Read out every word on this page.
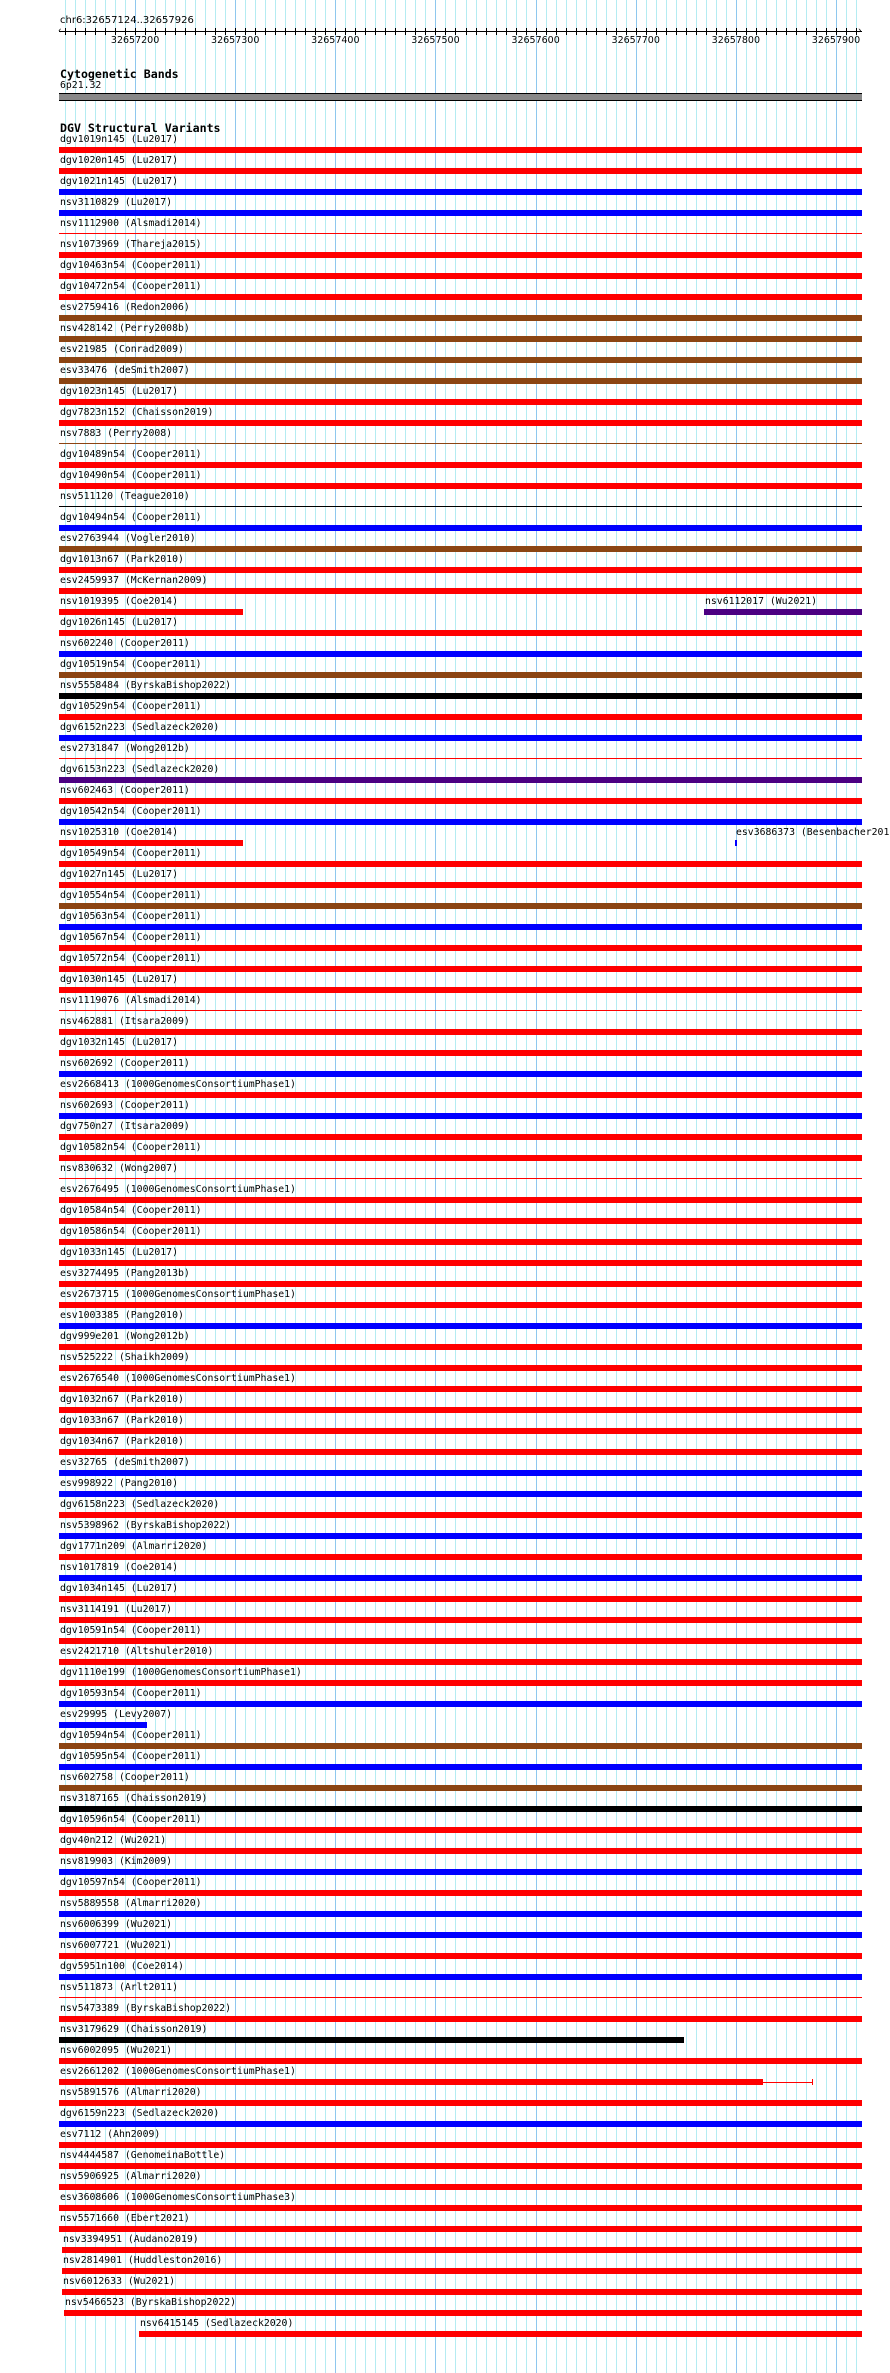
chr6:32657124..32657926
‹	›
32657200	32657300	32657400	32657500	32657600	32657700	32657800	32657900
Cytogenetic Bands
6p21.32
DGV Structural Variants
dgv1019n145 (Lu2017)
dgv1020n145 (Lu2017)
dgv1021n145 (Lu2017)
nsv3110829 (Lu2017)
nsv1112900 (Alsmadi2014)
nsv1073969 (Thareja2015)
dgv10463n54 (Cooper2011)
dgv10472n54 (Cooper2011)
esv2759416 (Redon2006)
nsv428142 (Perry2008b)
esv21985 (Conrad2009)
esv33476 (deSmith2007)
dgv1023n145 (Lu2017)
dgv7823n152 (Chaisson2019)
nsv7883 (Perry2008)
dgv10489n54 (Cooper2011)
dgv10490n54 (Cooper2011)
nsv511120 (Teague2010)
dgv10494n54 (Cooper2011)
esv2763944 (Vogler2010)
dgv1013n67 (Park2010)
esv2459937 (McKernan2009)
nsv1019395 (Coe2014)	nsv6112017 (Wu2021)
dgv1026n145 (Lu2017)
nsv602240 (Cooper2011)
dgv10519n54 (Cooper2011)
nsv5558484 (ByrskaBishop2022)
dgv10529n54 (Cooper2011)
dgv6152n223 (Sedlazeck2020)
esv2731847 (Wong2012b)
dgv6153n223 (Sedlazeck2020)
nsv602463 (Cooper2011)
dgv10542n54 (Cooper2011)
nsv1025310 (Coe2014)	esv3686373 (Besenbacher201
dgv10549n54 (Cooper2011)
dgv1027n145 (Lu2017)
dgv10554n54 (Cooper2011)
dgv10563n54 (Cooper2011)
dgv10567n54 (Cooper2011)
dgv10572n54 (Cooper2011)
dgv1030n145 (Lu2017)
nsv1119076 (Alsmadi2014)
nsv462881 (Itsara2009)
dgv1032n145 (Lu2017)
nsv602692 (Cooper2011)
esv2668413 (1000GenomesConsortiumPhase1)
nsv602693 (Cooper2011)
dgv750n27 (Itsara2009)
dgv10582n54 (Cooper2011)
nsv830632 (Wong2007)
esv2676495 (1000GenomesConsortiumPhase1)
dgv10584n54 (Cooper2011)
dgv10586n54 (Cooper2011)
dgv1033n145 (Lu2017)
esv3274495 (Pang2013b)
esv2673715 (1000GenomesConsortiumPhase1)
esv1003385 (Pang2010)
dgv999e201 (Wong2012b)
nsv525222 (Shaikh2009)
esv2676540 (1000GenomesConsortiumPhase1)
dgv1032n67 (Park2010)
dgv1033n67 (Park2010)
dgv1034n67 (Park2010)
esv32765 (deSmith2007)
esv998922 (Pang2010)
dgv6158n223 (Sedlazeck2020)
nsv5398962 (ByrskaBishop2022)
dgv1771n209 (Almarri2020)
nsv1017819 (Coe2014)
dgv1034n145 (Lu2017)
nsv3114191 (Lu2017)
dgv10591n54 (Cooper2011)
esv2421710 (Altshuler2010)
dgv1110e199 (1000GenomesConsortiumPhase1)
dgv10593n54 (Cooper2011)
esv29995 (Levy2007)
dgv10594n54 (Cooper2011)
dgv10595n54 (Cooper2011)
nsv602758 (Cooper2011)
nsv3187165 (Chaisson2019)
dgv10596n54 (Cooper2011)
dgv40n212 (Wu2021)
nsv819903 (Kim2009)
dgv10597n54 (Cooper2011)
nsv5889558 (Almarri2020)
nsv6006399 (Wu2021)
nsv6007721 (Wu2021)
dgv5951n100 (Coe2014)
nsv511873 (Arlt2011)
nsv5473389 (ByrskaBishop2022)
nsv3179629 (Chaisson2019)
nsv6002095 (Wu2021)
esv2661202 (1000GenomesConsortiumPhase1)
nsv5891576 (Almarri2020)
dgv6159n223 (Sedlazeck2020)
esv7112 (Ahn2009)
nsv4444587 (GenomeinaBottle)
nsv5906925 (Almarri2020)
esv3608606 (1000GenomesConsortiumPhase3)
nsv5571660 (Ebert2021)
nsv3394951 (Audano2019)
nsv2814901 (Huddleston2016)
nsv6012633 (Wu2021)
nsv5466523 (ByrskaBishop2022)
nsv6415145 (Sedlazeck2020)
